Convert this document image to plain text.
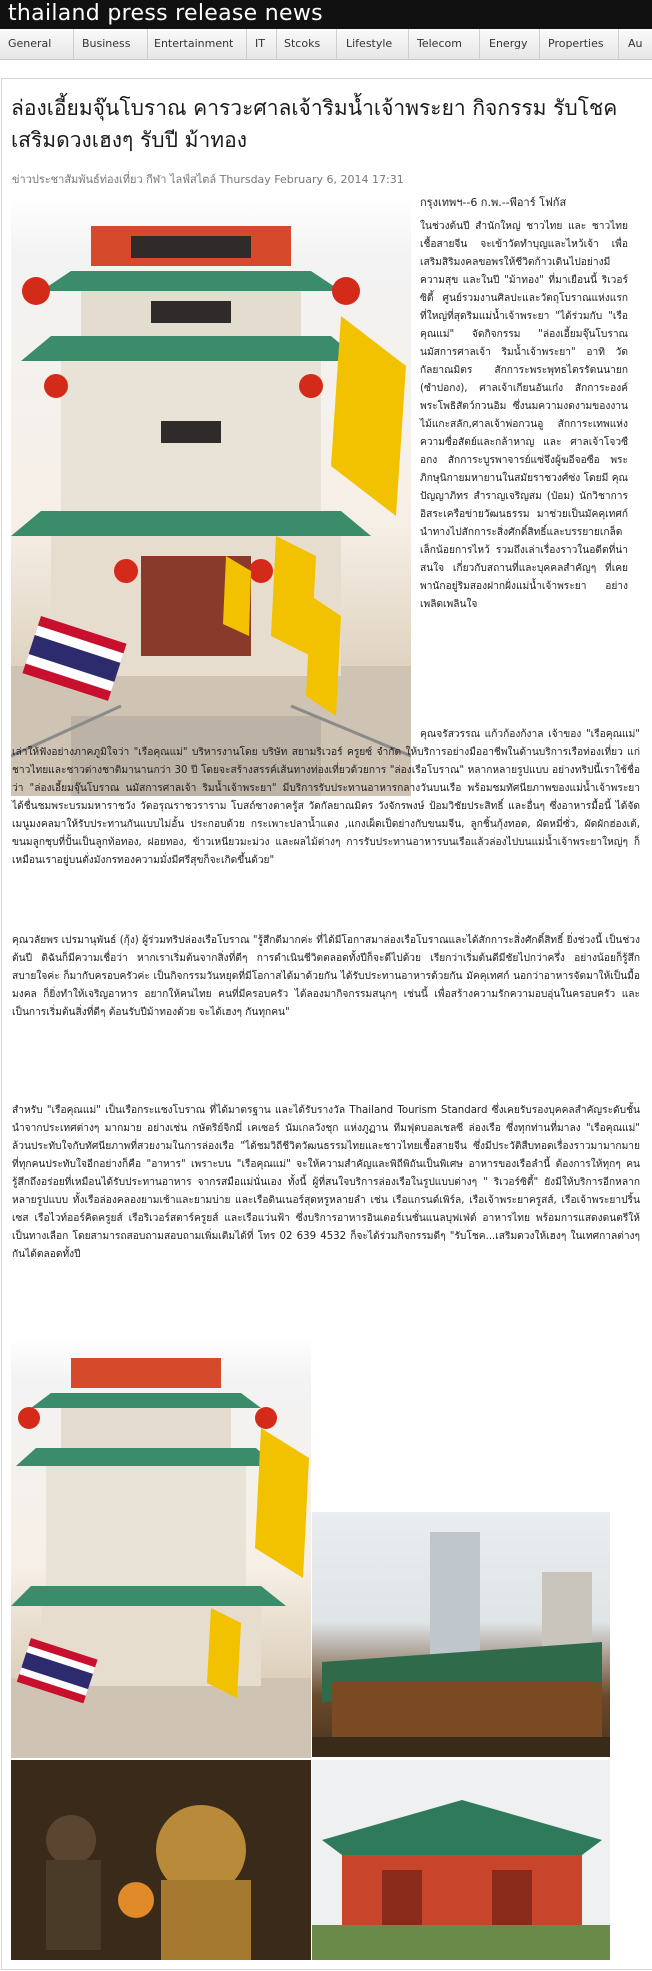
thailand press release news
General	Business	Entertainment	IT	Stcoks	Lifestyle	Telecom	Energy	Properties	Au
ล่องเอี้ยมจุ๊นโบราณ คารวะศาลเจ้าริมน้ำเจ้าพระยา กิจกรรม รับโชคเสริมดวงเฮงๆ รับปี ม้าทอง
ข่าวประชาสัมพันธ์ท่องเที่ยว กีฬา ไลฟ์สไตล์ Thursday February 6, 2014 17:31
กรุงเทพฯ--6 ก.พ.--พีอาร์ โฟกัส
ในช่วงต้นปี สำนักใหญ่ ชาวไทย และ ชาวไทยเชื้อสายจีน จะเข้าวัดทำบุญและไหว้เจ้า เพื่อเสริมสิริมงคลขอพรให้ชีวิตก้าวเดินไปอย่างมีความสุข และในปี "ม้าทอง" ที่มาเยือนนี้ ริเวอร์ซิตี้ ศูนย์รวมงานศิลปะและวัตถุโบราณแห่งแรกที่ใหญ่ที่สุดริมแม่น้ำเจ้าพระยา "ได้ร่วมกับ "เรือคุณแม่" จัดกิจกรรม "ล่องเอี้ยมจุ๊นโบราณ นมัสการศาลเจ้า ริมน้ำเจ้าพระยา" อาทิ วัดกัลยาณมิตร สักการะพระพุทธไตรรัตนนายก (ซำปอกง), ศาลเจ้าเกียนอันเก๋ง สักการะองค์พระโพธิสัตว์กวนอิม ซึ่งนมความงดงามของงานไม้แกะสลัก,ศาลเจ้าพ่อกวนอู สักการะเทพแห่งความซื่อสัตย์และกล้าหาญ และ ศาลเจ้าโจวซือกง สักการะบูรพาจารย์แซ่จึงผู้ฆอีจอซือ พระภิกษุนิกายมหายานในสมัยราชวงศ์ซ่ง โดยมี คุณปัญญาภิทร สำราญเจริญสม (ป๋อม) นักวิชาการอิสระเครือข่ายวัฒนธรรม มาช่วยเป็นมัคคุเทศก์นำทางไปสักการะสิ่งศักดิ์สิทธิ์และบรรยายเกล็ดเล็กน้อยการไหว้ รวมถึงเล่าเรื่องราวในอดีตที่น่าสนใจ เกี่ยวกับสถานที่และบุคคลสำคัญๆ ที่เคยพานักอยู่ริมสองฝากฝั่งแม่น้ำเจ้าพระยา อย่างเพลิดเพลินใจ
คุณจรัสวรรณ แก้วก้องก้งาล เจ้าของ "เรือคุณแม่" เล่าให้ฟังอย่างภาคภูมิใจว่า "เรือคุณแม่" บริหารงานโดย บริษัท สยามริเวอร์ ครูยซ์ จำกัด ให้บริการอย่างมืออาชีพในด้านบริการเรือท่องเที่ยว แก่ชาวไทยและชาวต่างชาติมานานกว่า 30 ปี โดยจะสร้างสรรค์เส้นทางท่องเที่ยวด้วยการ "ล่องเรือโบราณ" หลากหลายรูปแบบ อย่างทริปนี้เราใช้ชื่อว่า "ล่องเอี้ยมจุ๊นโบราณ นมัสการศาลเจ้า ริมน้ำเจ้าพระยา" มีบริการรับประทานอาหารกลางวันบนเรือ พร้อมชมทัศนียภาพของแม่น้ำเจ้าพระยา ได้ชื่นชมพระบรมมหาราชวัง วัดอรุณราชวราราม โบสถ์ซางตาครู้ส วัดกัลยาณมิตร วังจักรพงษ์ ป้อมวิชัยประสิทธิ์ และอื่นๆ ซึ่งอาหารมื้อนี้ ได้จัดเมนูมงคลมาให้รับประทานกันแบบไม่อั้น ประกอบด้วย กระเพาะปลาน้ำแดง ,แกงเผ็ดเป็ดย่างกับขนมจีน, ลูกชิ้นกุ้งทอด, ผัดหมี่ซั่ว, ผัดผักฮ่องเต้, ขนมลูกชุบที่ปั้นเป็นลูกท้อทอง, ฝอยทอง, ข้าวเหนียวมะม่วง และผลไม้ต่างๆ การรับประทานอาหารบนเรือแล้วล่องไปบนแม่น้ำเจ้าพระยาใหญ่ๆ ก็เหมือนเราอยู่บนตั่งมังกรทองความมั่งมีศรีสุขก็จะเกิดขึ้นด้วย"
คุณวลัยพร เปรมานุพันธ์ (กุ้ง) ผู้ร่วมทริปล่องเรือโบราณ "รู้สึกดีมากค่ะ ที่ได้มีโอกาสมาล่องเรือโบราณและได้สักการะสิ่งศักดิ์สิทธิ์ ยิ่งช่วงนี้ เป็นช่วงต้นปี ดิฉันก็มีความเชื่อว่า หากเราเริ่มต้นจากสิ่งที่ดีๆ การดำเนินชีวิตตลอดทั้งปีก็จะดีไปด้วย เรียกว่าเริ่มต้นดีมีชัยไปกว่าครึ่ง อย่างน้อยก็รู้สึกสบายใจค่ะ ก็มากับครอบครัวค่ะ เป็นกิจกรรมวันหยุดที่มีโอกาสได้มาด้วยกัน ได้รับประทานอาหารด้วยกัน มัคคุเทศก์ นอกว่าอาหารจัดมาให้เป็นมื้อมงคล ก็ยิ่งทำให้เจริญอาหาร อยากให้คนไทย คนที่มีครอบครัว ได้ลองมากิจกรรมสนุกๆ เช่นนี้ เพื่อสร้างความรักความอบอุ่นในครอบครัว และเป็นการเริ่มต้นสิ่งที่ดีๆ ต้อนรับปีม้าทองด้วย จะได้เฮงๆ กันทุกคน"
สำหรับ "เรือคุณแม่" เป็นเรือกระแชงโบราณ ที่ได้มาตรฐาน และได้รับรางวัล Thailand Tourism Standard ซึ่งเคยรับรองบุคคลสำคัญระดับชั้นนำจากประเทศต่างๆ มากมาย อย่างเช่น กษัตริย์จิกมี่ เคเซอร์ นัมเกลวังชุก แห่งภูฏาน ทีมฟุตบอลเชลซี ล่องเรือ ซึ่งทุกท่านที่มาลง "เรือคุณแม่" ล้วนประทับใจกับทัศนียภาพที่สวยงามในการล่องเรือ "ได้ชมวิถีชีวิตวัฒนธรรมไทยและชาวไทยเชื้อสายจีน ซึ่งมีประวัติสืบทอดเรื่องราวมามากมาย ที่ทุกคนประทับใจอีกอย่างก็คือ "อาหาร" เพราะบน "เรือคุณแม่" จะให้ความสำคัญและพิถีพิถันเป็นพิเศษ อาหารของเรือลำนี้ ต้องการให้ทุกๆ คนรู้สึกถึงอร่อยที่เหมือนได้รับประทานอาหาร จากรสมือแม่นั่นเอง ทั้งนี้ ผู้ที่สนใจบริการล่องเรือในรูปแบบต่างๆ " ริเวอร์ซิตี้" ยังมีให้บริการอีกหลากหลายรูปแบบ ทั้งเรือล่องคลองยามเช้าและยามบ่าย และเรือดินเนอร์สุดหรูหลายลำ เช่น เรือแกรนด์เพิร์ล, เรือเจ้าพระยาครูสส์, เรือเจ้าพระยาปริ้นเซส เรือไวท์ออร์คิดครูยส์ เรือริเวอร์สตาร์ครูยส์ และเรือแว่นฟ้า ซึ่งบริการอาหารอินเตอร์เนชั่นแนลบุฟเฟ่ต์ อาหารไทย พร้อมการแสดงดนตรีให้เป็นทางเลือก โดยสามารถสอบถามสอบถามเพิ่มเติมได้ที่ โทร 02 639 4532 ก็จะได้ร่วมกิจกรรมดีๆ "รับโชค...เสริมดวงให้เฮงๆ ในเทศกาลต่างๆ กันได้ตลอดทั้งปี
